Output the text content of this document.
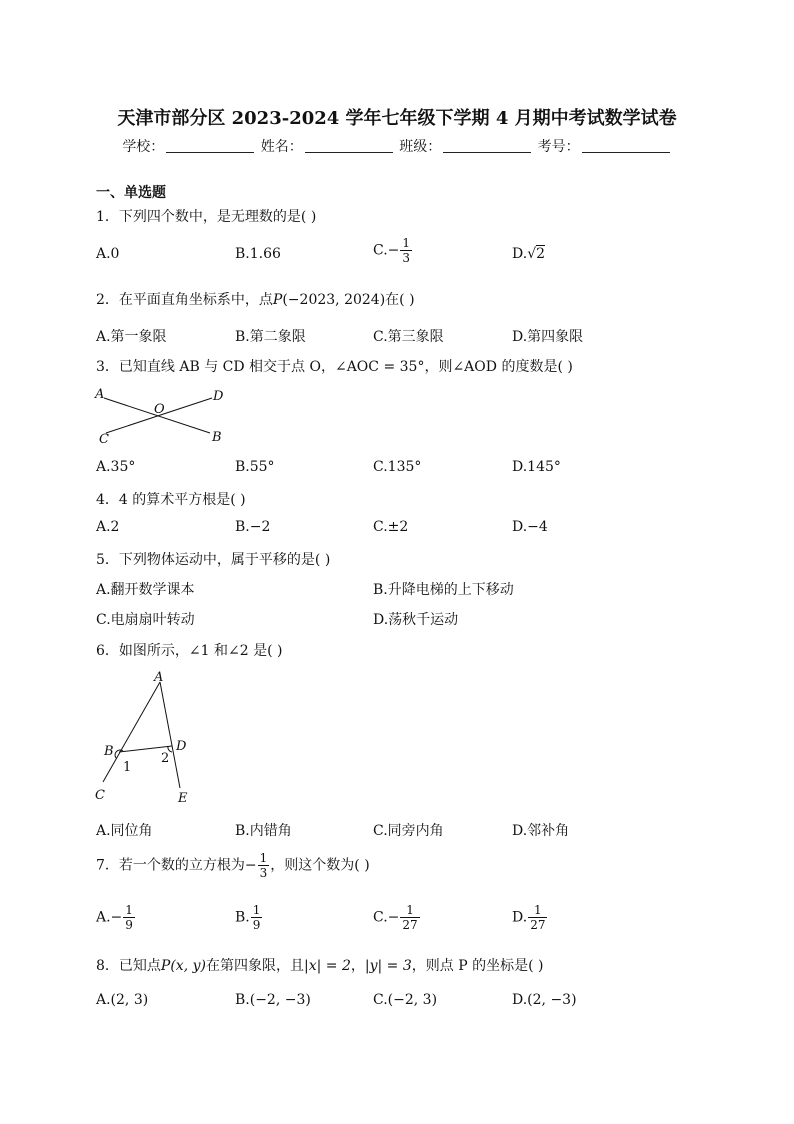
天津市部分区 2023-2024 学年七年级下学期 4 月期中考试数学试卷
学校：	姓名：	班级：	考号：
一、单选题
1．下列四个数中，是无理数的是( )
A.0	B.1.66	$C.- \frac{1}{3}$	D.√2
2．在平面直角坐标系中，点P(−2023, 2024)在( )
A.第一象限	B.第二象限	C.第三象限	D.第四象限
3．已知直线 AB 与 CD 相交于点 O，∠AOC = 35°，则∠AOD 的度数是( )
A
B
C
D
O
A.35°	B.55°	C.135°	D.145°
4．4 的算术平方根是( )
A.2	B.−2	C.±2	D.−4
5．下列物体运动中，属于平移的是( )
A.翻开数学课本	B.升降电梯的上下移动
C.电扇扇叶转动	D.荡秋千运动
6．如图所示，∠1 和∠2 是( )
A
B
C
D
E
1
2
A.同位角	B.内错角	C.同旁内角	D.邻补角
7．若一个数的立方根为− $\frac{1}{3}$ ，则这个数为( )
$A.- \frac{1}{9}$	B. $\frac{1}{9}$	$C.- \frac{1}{27}$	D. $\frac{1}{27}$
8．已知点P(x, y)在第四象限，且|x| = 2，|y| = 3，则点 P 的坐标是( )
A.(2, 3)	B.(−2, −3)	C.(−2, 3)	D.(2, −3)
